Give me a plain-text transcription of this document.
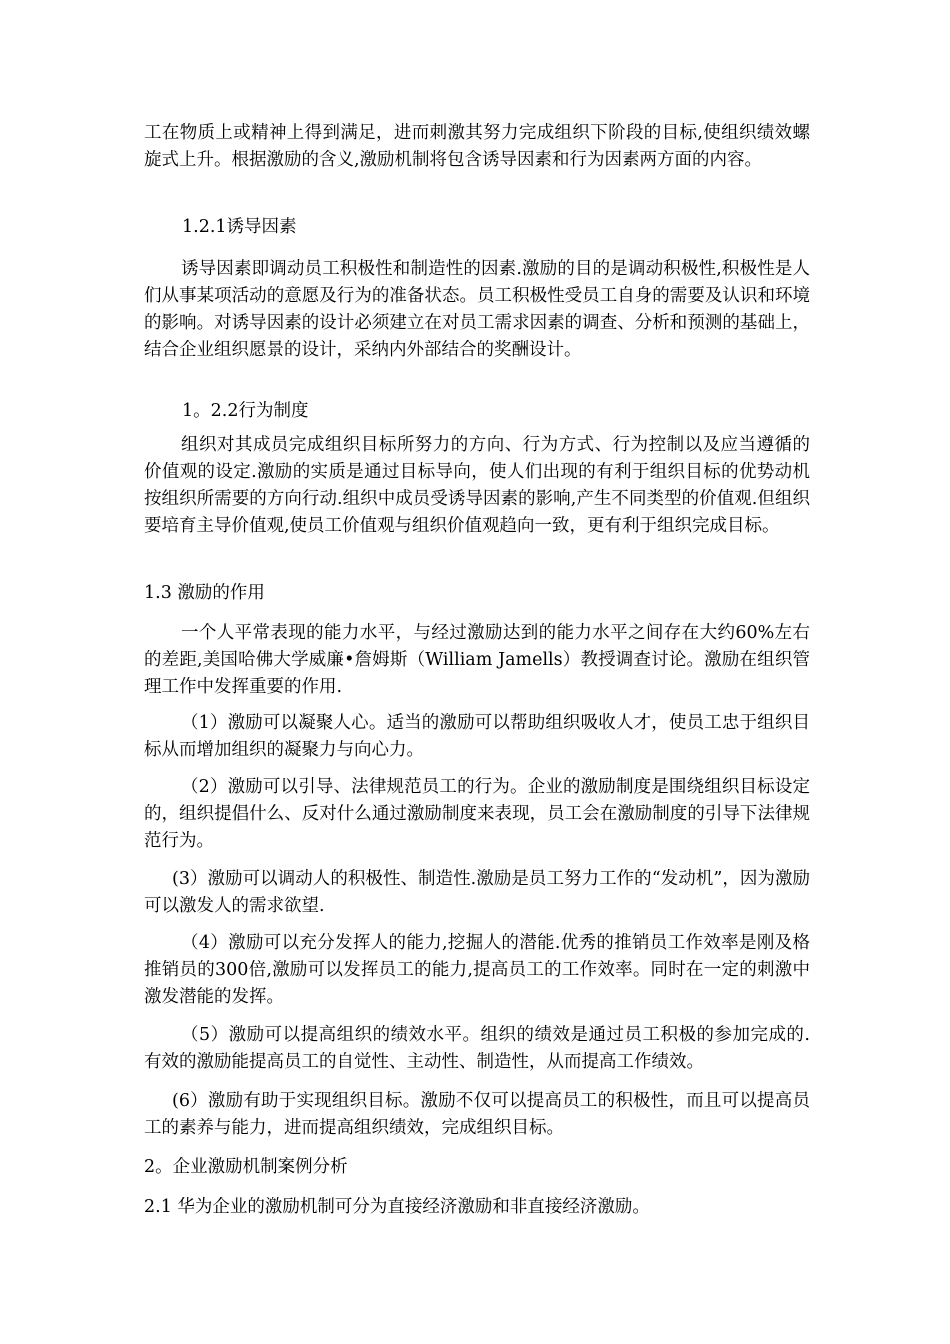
工在物质上或精神上得到满足，进而刺激其努力完成组织下阶段的目标,使组织绩效螺旋式上升。根据激励的含义,激励机制将包含诱导因素和行为因素两方面的内容。

1.2.1诱导因素

诱导因素即调动员工积极性和制造性的因素.激励的目的是调动积极性,积极性是人们从事某项活动的意愿及行为的准备状态。员工积极性受员工自身的需要及认识和环境的影响。对诱导因素的设计必须建立在对员工需求因素的调查、分析和预测的基础上，结合企业组织愿景的设计，采纳内外部结合的奖酬设计。

1。2.2行为制度

组织对其成员完成组织目标所努力的方向、行为方式、行为控制以及应当遵循的价值观的设定.激励的实质是通过目标导向，使人们出现的有利于组织目标的优势动机按组织所需要的方向行动.组织中成员受诱导因素的影响,产生不同类型的价值观.但组织要培育主导价值观,使员工价值观与组织价值观趋向一致，更有利于组织完成目标。

1.3 激励的作用

一个人平常表现的能力水平，与经过激励达到的能力水平之间存在大约60%左右的差距,美国哈佛大学威廉•詹姆斯（William Jamells）教授调查讨论。激励在组织管理工作中发挥重要的作用.

（1）激励可以凝聚人心。适当的激励可以帮助组织吸收人才，使员工忠于组织目标从而增加组织的凝聚力与向心力。

（2）激励可以引导、法律规范员工的行为。企业的激励制度是围绕组织目标设定的，组织提倡什么、反对什么通过激励制度来表现，员工会在激励制度的引导下法律规范行为。

(3）激励可以调动人的积极性、制造性.激励是员工努力工作的“发动机”，因为激励可以激发人的需求欲望.

（4）激励可以充分发挥人的能力,挖掘人的潜能.优秀的推销员工作效率是刚及格推销员的300倍,激励可以发挥员工的能力,提高员工的工作效率。同时在一定的刺激中激发潜能的发挥。

（5）激励可以提高组织的绩效水平。组织的绩效是通过员工积极的参加完成的.有效的激励能提高员工的自觉性、主动性、制造性，从而提高工作绩效。

(6）激励有助于实现组织目标。激励不仅可以提高员工的积极性，而且可以提高员工的素养与能力，进而提高组织绩效，完成组织目标。

2。企业激励机制案例分析

2.1 华为企业的激励机制可分为直接经济激励和非直接经济激励。
